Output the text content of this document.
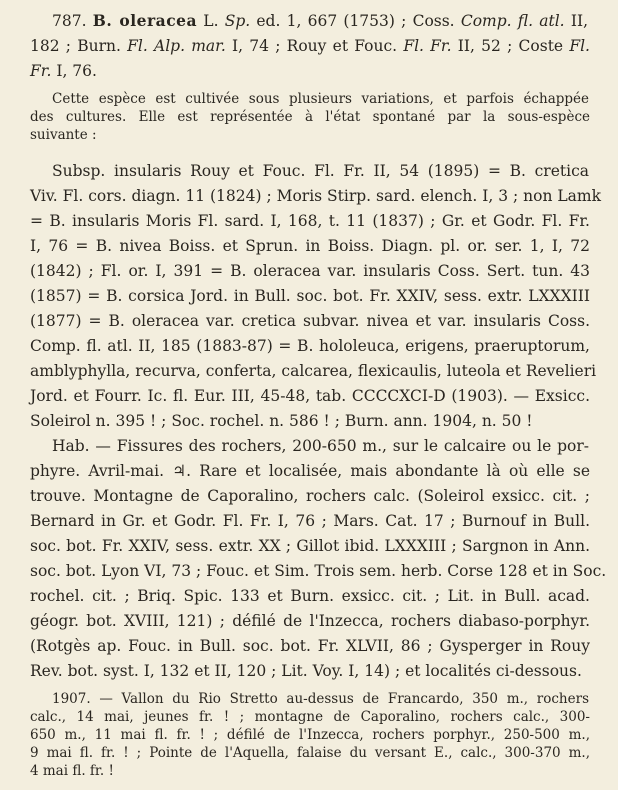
787. B. oleracea L. Sp. ed. 1, 667 (1753) ; Coss. Comp. fl. atl. II,
182 ; Burn. Fl. Alp. mar. I, 74 ; Rouy et Fouc. Fl. Fr. II, 52 ; Coste Fl.
Fr. I, 76.
Cette espèce est cultivée sous plusieurs variations, et parfois échappée
des cultures. Elle est représentée à l'état spontané par la sous-espèce
suivante :
Subsp. insularis Rouy et Fouc. Fl. Fr. II, 54 (1895) = B. cretica
Viv. Fl. cors. diagn. 11 (1824) ; Moris Stirp. sard. elench. I, 3 ; non Lamk
= B. insularis Moris Fl. sard. I, 168, t. 11 (1837) ; Gr. et Godr. Fl. Fr.
I, 76 = B. nivea Boiss. et Sprun. in Boiss. Diagn. pl. or. ser. 1, I, 72
(1842) ; Fl. or. I, 391 = B. oleracea var. insularis Coss. Sert. tun. 43
(1857) = B. corsica Jord. in Bull. soc. bot. Fr. XXIV, sess. extr. LXXXIII
(1877) = B. oleracea var. cretica subvar. nivea et var. insularis Coss.
Comp. fl. atl. II, 185 (1883-87) = B. hololeuca, erigens, praeruptorum,
amblyphylla, recurva, conferta, calcarea, flexicaulis, luteola et Revelieri
Jord. et Fourr. Ic. fl. Eur. III, 45-48, tab. CCCCXCI-D (1903). — Exsicc.
Soleirol n. 395 ! ; Soc. rochel. n. 586 ! ; Burn. ann. 1904, n. 50 !
Hab. — Fissures des rochers, 200-650 m., sur le calcaire ou le por-
phyre. Avril-mai. ♃. Rare et localisée, mais abondante là où elle se
trouve. Montagne de Caporalino, rochers calc. (Soleirol exsicc. cit. ;
Bernard in Gr. et Godr. Fl. Fr. I, 76 ; Mars. Cat. 17 ; Burnouf in Bull.
soc. bot. Fr. XXIV, sess. extr. XX ; Gillot ibid. LXXXIII ; Sargnon in Ann.
soc. bot. Lyon VI, 73 ; Fouc. et Sim. Trois sem. herb. Corse 128 et in Soc.
rochel. cit. ; Briq. Spic. 133 et Burn. exsicc. cit. ; Lit. in Bull. acad.
géogr. bot. XVIII, 121) ; défilé de l'Inzecca, rochers diabaso-porphyr.
(Rotgès ap. Fouc. in Bull. soc. bot. Fr. XLVII, 86 ; Gysperger in Rouy
Rev. bot. syst. I, 132 et II, 120 ; Lit. Voy. I, 14) ; et localités ci-dessous.
1907. — Vallon du Rio Stretto au-dessus de Francardo, 350 m., rochers
calc., 14 mai, jeunes fr. ! ; montagne de Caporalino, rochers calc., 300-
650 m., 11 mai fl. fr. ! ; défilé de l'Inzecca, rochers porphyr., 250-500 m.,
9 mai fl. fr. ! ; Pointe de l'Aquella, falaise du versant E., calc., 300-370 m.,
4 mai fl. fr. !
